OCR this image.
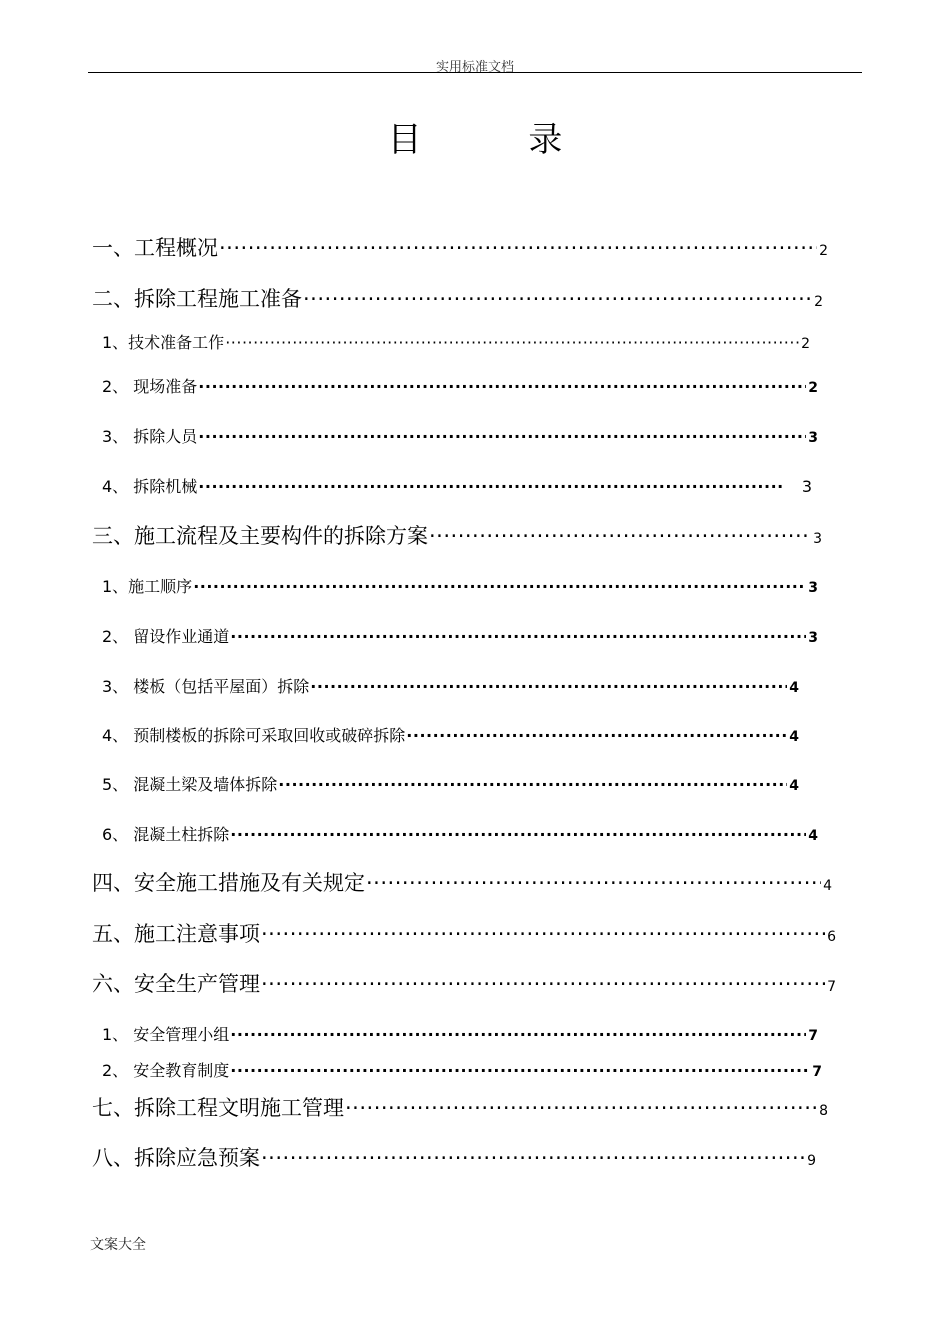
实用标准文档
目 录
一、工程概况 ·····	2
二、拆除工程施工准备 ·····	2
1、技术准备工作 ·····	2
2、 现场准备 ·····	2
3、 拆除人员 ·····	3
4、 拆除机械 ·····	3
三、施工流程及主要构件的拆除方案 ·····	3
1、施工顺序 ·····	3
2、 留设作业通道 ·····	3
3、 楼板（包括平屋面）拆除 ·····	4
4、 预制楼板的拆除可采取回收或破碎拆除 ·····	4
5、 混凝土梁及墙体拆除 ·····	4
6、 混凝土柱拆除 ·····	4
四、安全施工措施及有关规定 ·····	4
五、施工注意事项 ·····	6
六、安全生产管理 ·····	7
1、 安全管理小组 ·····	7
2、 安全教育制度 ·····	7
七、拆除工程文明施工管理 ·····	8
八、拆除应急预案 ·····	9
文案大全
